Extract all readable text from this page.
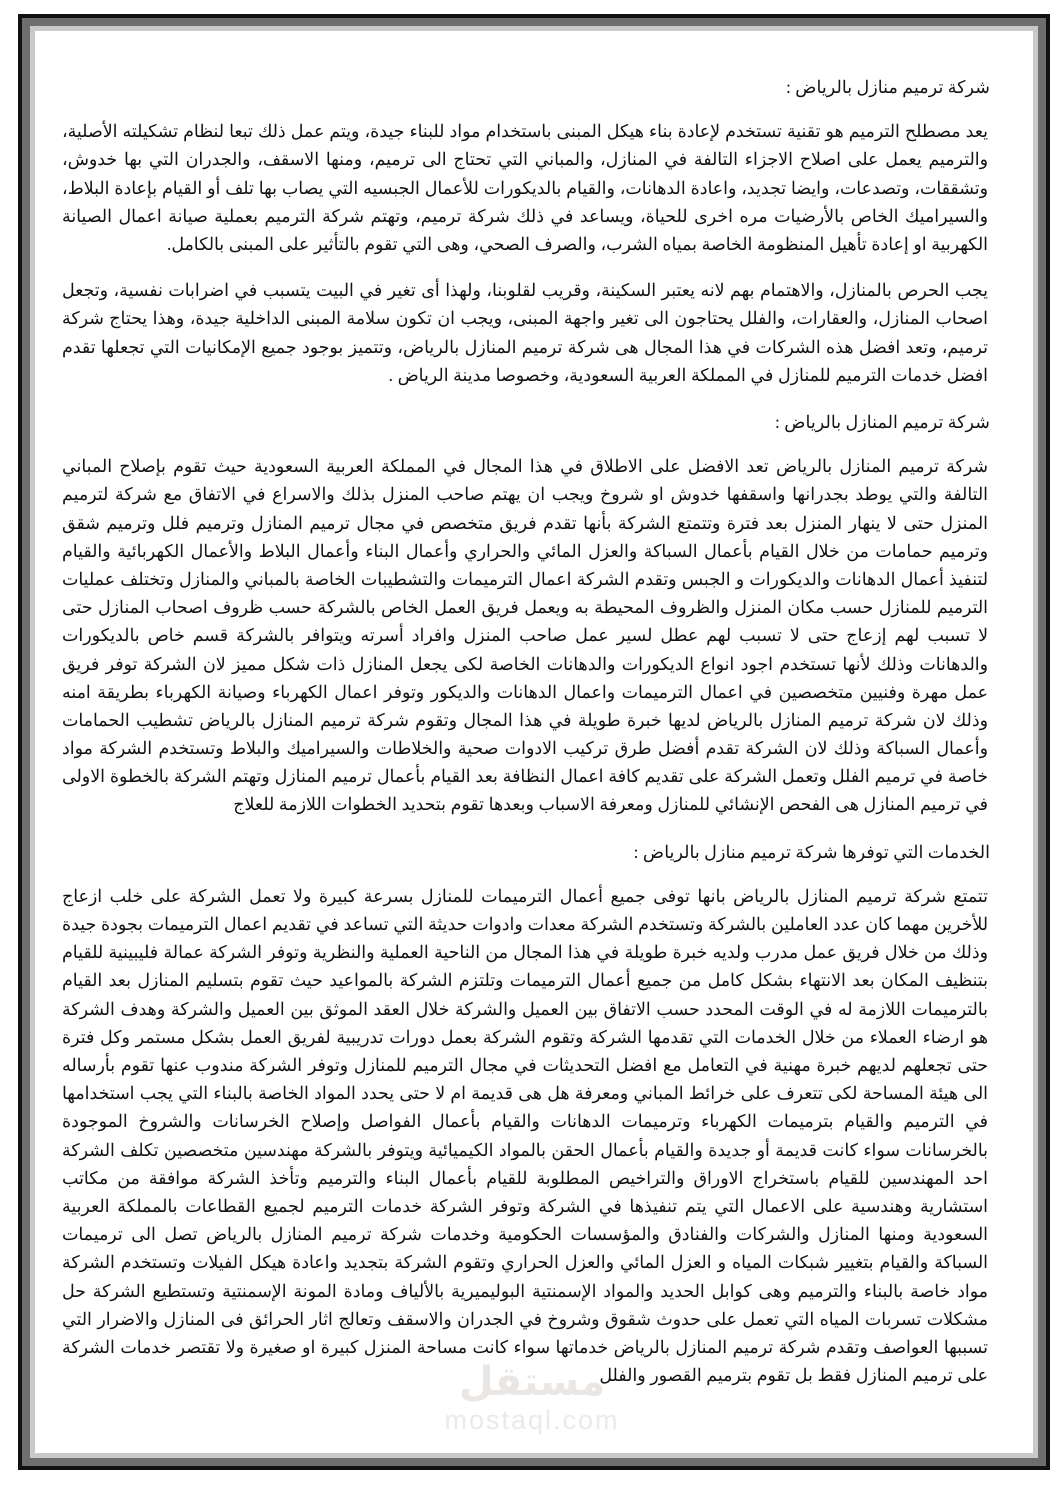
مستقل
mostaql.com
شركة ترميم منازل بالرياض :

يعد مصطلح الترميم هو تقنية تستخدم لإعادة بناء هيكل المبنى باستخدام مواد للبناء جيدة، ويتم عمل ذلك تبعا لنظام تشكيلته الأصلية، والترميم يعمل على اصلاح الاجزاء التالفة في المنازل، والمباني التي تحتاج الى ترميم، ومنها الاسقف، والجدران التي بها خدوش، وتشققات، وتصدعات، وايضا تجديد، واعادة الدهانات، والقيام بالديكورات للأعمال الجبسيه التي يصاب بها تلف أو القيام بإعادة البلاط، والسيراميك الخاص بالأرضيات مره اخرى للحياة، ويساعد في ذلك شركة ترميم، وتهتم شركة الترميم بعملية صيانة اعمال الصيانة الكهربية او إعادة تأهيل المنظومة الخاصة بمياه الشرب، والصرف الصحي، وهى التي تقوم بالتأثير على المبنى بالكامل.

يجب الحرص بالمنازل، والاهتمام بهم لانه يعتبر السكينة، وقريب لقلوبنا، ولهذا أى تغير في البيت يتسبب في اضرابات نفسية، وتجعل اصحاب المنازل، والعقارات، والفلل يحتاجون الى تغير واجهة المبنى، ويجب ان تكون سلامة المبنى الداخلية جيدة، وهذا يحتاج شركة ترميم، وتعد افضل هذه الشركات في هذا المجال هى شركة ترميم المنازل بالرياض، وتتميز بوجود جميع الإمكانيات التي تجعلها تقدم افضل خدمات الترميم للمنازل في المملكة العربية السعودية، وخصوصا مدينة الرياض .

شركة ترميم المنازل بالرياض :

شركة ترميم المنازل بالرياض تعد الافضل على الاطلاق في هذا المجال في المملكة العربية السعودية حيث تقوم بإصلاح المباني التالفة والتي يوطد بجدرانها واسقفها خدوش او شروخ ويجب ان يهتم صاحب المنزل بذلك والاسراع في الاتفاق مع شركة لترميم المنزل حتى لا ينهار المنزل بعد فترة وتتمتع الشركة بأنها تقدم فريق متخصص في مجال ترميم المنازل وترميم فلل وترميم شقق وترميم حمامات من خلال القيام بأعمال السباكة والعزل المائي والحراري وأعمال البناء وأعمال البلاط والأعمال الكهربائية والقيام لتنفيذ أعمال الدهانات والديكورات و الجبس وتقدم الشركة اعمال الترميمات والتشطيبات الخاصة بالمباني والمنازل وتختلف عمليات الترميم للمنازل حسب مكان المنزل والظروف المحيطة به ويعمل فريق العمل الخاص بالشركة حسب ظروف اصحاب المنازل حتى لا تسبب لهم إزعاج حتى لا تسبب لهم عطل لسير عمل صاحب المنزل وافراد أسرته ويتوافر بالشركة قسم خاص بالديكورات والدهانات وذلك لأنها تستخدم اجود انواع الديكورات والدهانات الخاصة لكى يجعل المنازل ذات شكل مميز لان الشركة توفر فريق عمل مهرة وفنيين متخصصين في اعمال الترميمات واعمال الدهانات والديكور وتوفر اعمال الكهرباء وصيانة الكهرباء بطريقة امنه وذلك لان شركة ترميم المنازل بالرياض لديها خبرة طويلة في هذا المجال وتقوم شركة ترميم المنازل بالرياض تشطيب الحمامات وأعمال السباكة وذلك لان الشركة تقدم أفضل طرق تركيب الادوات صحية والخلاطات والسيراميك والبلاط وتستخدم الشركة مواد خاصة في ترميم الفلل وتعمل الشركة على تقديم كافة اعمال النظافة بعد القيام بأعمال ترميم المنازل وتهتم الشركة بالخطوة الاولى في ترميم المنازل هى الفحص الإنشائي للمنازل ومعرفة الاسباب وبعدها تقوم بتحديد الخطوات اللازمة للعلاج

الخدمات التي توفرها شركة ترميم منازل بالرياض :

تتمتع شركة ترميم المنازل بالرياض بانها توفى جميع أعمال الترميمات للمنازل بسرعة كبيرة ولا تعمل الشركة على خلب ازعاج للأخرين مهما كان عدد العاملين بالشركة وتستخدم الشركة معدات وادوات حديثة التي تساعد في تقديم اعمال الترميمات بجودة جيدة وذلك من خلال فريق عمل مدرب ولديه خبرة طويلة في هذا المجال من الناحية العملية والنظرية وتوفر الشركة عمالة فليبينية للقيام بتنظيف المكان بعد الانتهاء بشكل كامل من جميع أعمال الترميمات وتلتزم الشركة بالمواعيد حيث تقوم بتسليم المنازل بعد القيام بالترميمات اللازمة له في الوقت المحدد حسب الاتفاق بين العميل والشركة خلال العقد الموثق بين العميل والشركة وهدف الشركة هو ارضاء العملاء من خلال الخدمات التي تقدمها الشركة وتقوم الشركة بعمل دورات تدريبية لفريق العمل بشكل مستمر وكل فترة حتى تجعلهم لديهم خبرة مهنية في التعامل مع افضل التحديثات في مجال الترميم للمنازل وتوفر الشركة مندوب عنها تقوم بأرساله الى هيئة المساحة لكى تتعرف على خرائط المباني ومعرفة هل هى قديمة ام لا حتى يحدد المواد الخاصة بالبناء التي يجب استخدامها في الترميم والقيام بترميمات الكهرباء وترميمات الدهانات والقيام بأعمال الفواصل وإصلاح الخرسانات والشروخ الموجودة بالخرسانات سواء كانت قديمة أو جديدة والقيام بأعمال الحقن بالمواد الكيميائية ويتوفر بالشركة مهندسين متخصصين تكلف الشركة احد المهندسين للقيام باستخراج الاوراق والتراخيص المطلوبة للقيام بأعمال البناء والترميم وتأخذ الشركة موافقة من مكاتب استشارية وهندسية على الاعمال التي يتم تنفيذها في الشركة وتوفر الشركة خدمات الترميم لجميع القطاعات بالمملكة العربية السعودية ومنها المنازل والشركات والفنادق والمؤسسات الحكومية وخدمات شركة ترميم المنازل بالرياض تصل الى ترميمات السباكة والقيام بتغيير شبكات المياه و العزل المائي والعزل الحراري وتقوم الشركة بتجديد واعادة هيكل الفيلات وتستخدم الشركة مواد خاصة بالبناء والترميم وهى كوابل الحديد والمواد الإسمنتية البوليميرية بالألياف ومادة المونة الإسمنتية وتستطيع الشركة حل مشكلات تسربات المياه التي تعمل على حدوث شقوق وشروخ في الجدران والاسقف وتعالج اثار الحرائق فى المنازل والاضرار التي تسببها العواصف وتقدم شركة ترميم المنازل بالرياض خدماتها سواء كانت مساحة المنزل كبيرة او صغيرة ولا تقتصر خدمات الشركة على ترميم المنازل فقط بل تقوم بترميم القصور والفلل
